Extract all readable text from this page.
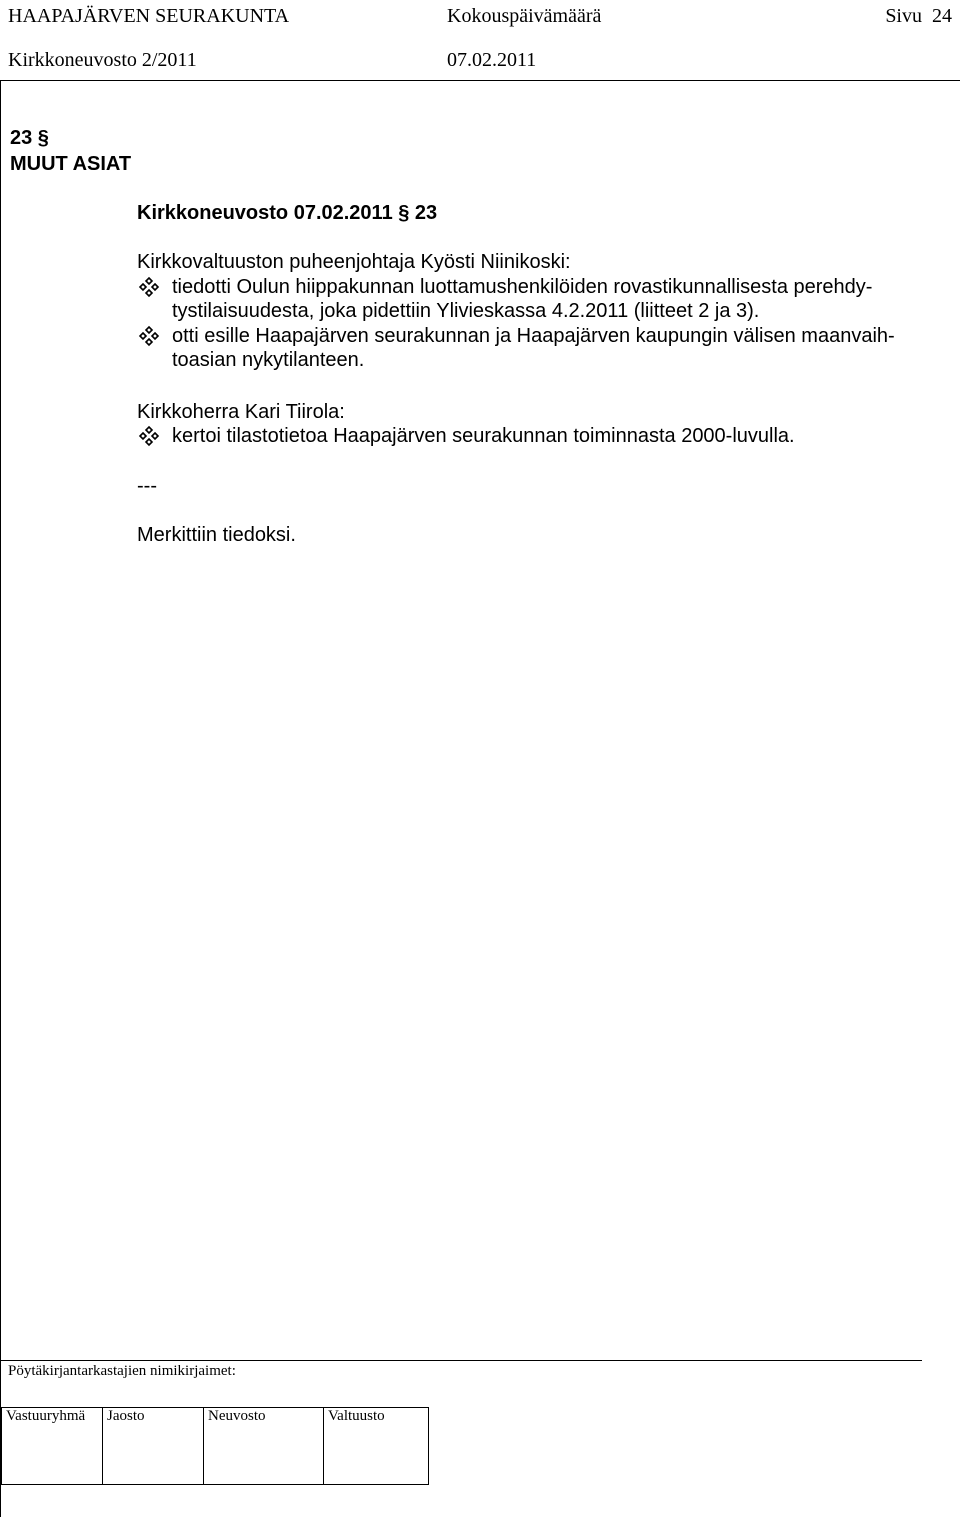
HAAPAJÄRVEN SEURAKUNTA	Kokouspäivämäärä	Sivu 24
Kirkkoneuvosto 2/2011	07.02.2011
23 §
MUUT ASIAT
Kirkkoneuvosto 07.02.2011 § 23
Kirkkovaltuuston puheenjohtaja Kyösti Niinikoski:
tiedotti Oulun hiippakunnan luottamushenkilöiden rovastikunnallisesta perehdy-
tystilaisuudesta, joka pidettiin Ylivieskassa 4.2.2011 (liitteet 2 ja 3).
otti esille Haapajärven seurakunnan ja Haapajärven kaupungin välisen maanvaih-
toasian nykytilanteen.
Kirkkoherra Kari Tiirola:
kertoi tilastotietoa Haapajärven seurakunnan toiminnasta 2000-luvulla.
---
Merkittiin tiedoksi.
Pöytäkirjantarkastajien nimikirjaimet:
Vastuuryhmä	Jaosto	Neuvosto	Valtuusto
